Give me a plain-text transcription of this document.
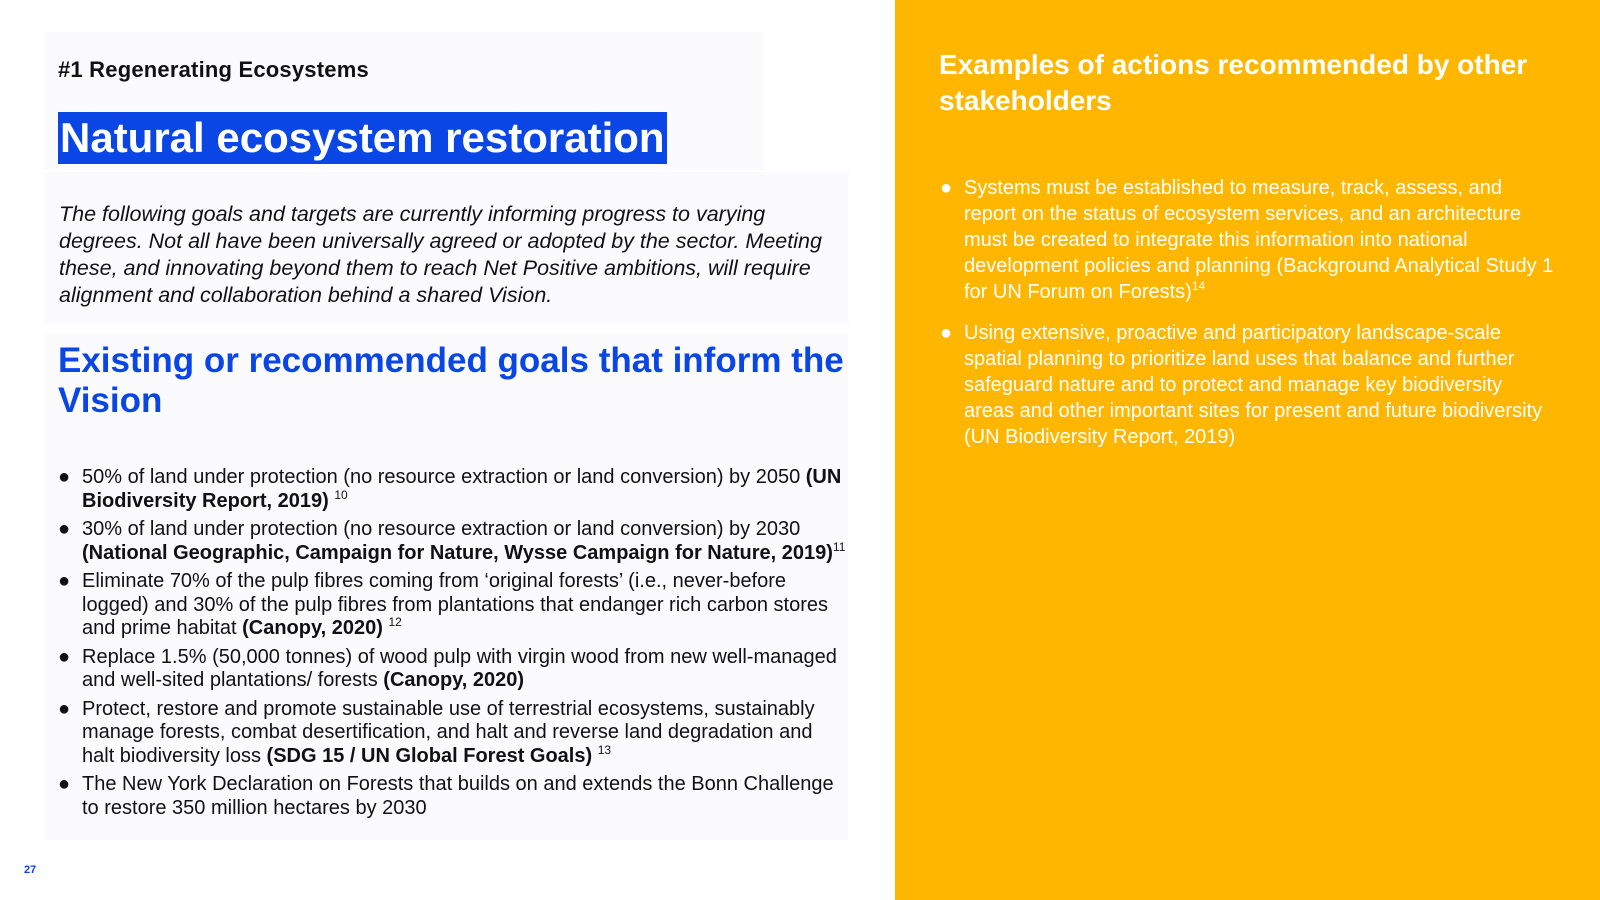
#1 Regenerating Ecosystems
Natural ecosystem restoration

The following goals and targets are currently informing progress to varying degrees. Not all have been universally agreed or adopted by the sector. Meeting these, and innovating beyond them to reach Net Positive ambitions, will require alignment and collaboration behind a shared Vision.

Existing or recommended goals that inform the Vision
● 50% of land under protection (no resource extraction or land conversion) by 2050 (UN Biodiversity Report, 2019) $^{10}$
● 30% of land under protection (no resource extraction or land conversion) by 2030 (National Geographic, Campaign for Nature, Wysse Campaign for Nature, 2019)$^{11}$
● Eliminate 70% of the pulp fibres coming from ‘original forests’ (i.e., never-before logged) and 30% of the pulp fibres from plantations that endanger rich carbon stores and prime habitat (Canopy, 2020) $^{12}$
● Replace 1.5% (50,000 tonnes) of wood pulp with virgin wood from new well-managed and well-sited plantations/ forests (Canopy, 2020)
● Protect, restore and promote sustainable use of terrestrial ecosystems, sustainably manage forests, combat desertification, and halt and reverse land degradation and halt biodiversity loss (SDG 15 / UN Global Forest Goals) $^{13}$
● The New York Declaration on Forests that builds on and extends the Bonn Challenge to restore 350 million hectares by 2030
27
Examples of actions recommended by other stakeholders
● Systems must be established to measure, track, assess, and report on the status of ecosystem services, and an architecture must be created to integrate this information into national development policies and planning (Background Analytical Study 1 for UN Forum on Forests)$^{14}$
● Using extensive, proactive and participatory landscape-scale spatial planning to prioritize land uses that balance and further safeguard nature and to protect and manage key biodiversity areas and other important sites for present and future biodiversity (UN Biodiversity Report, 2019)
